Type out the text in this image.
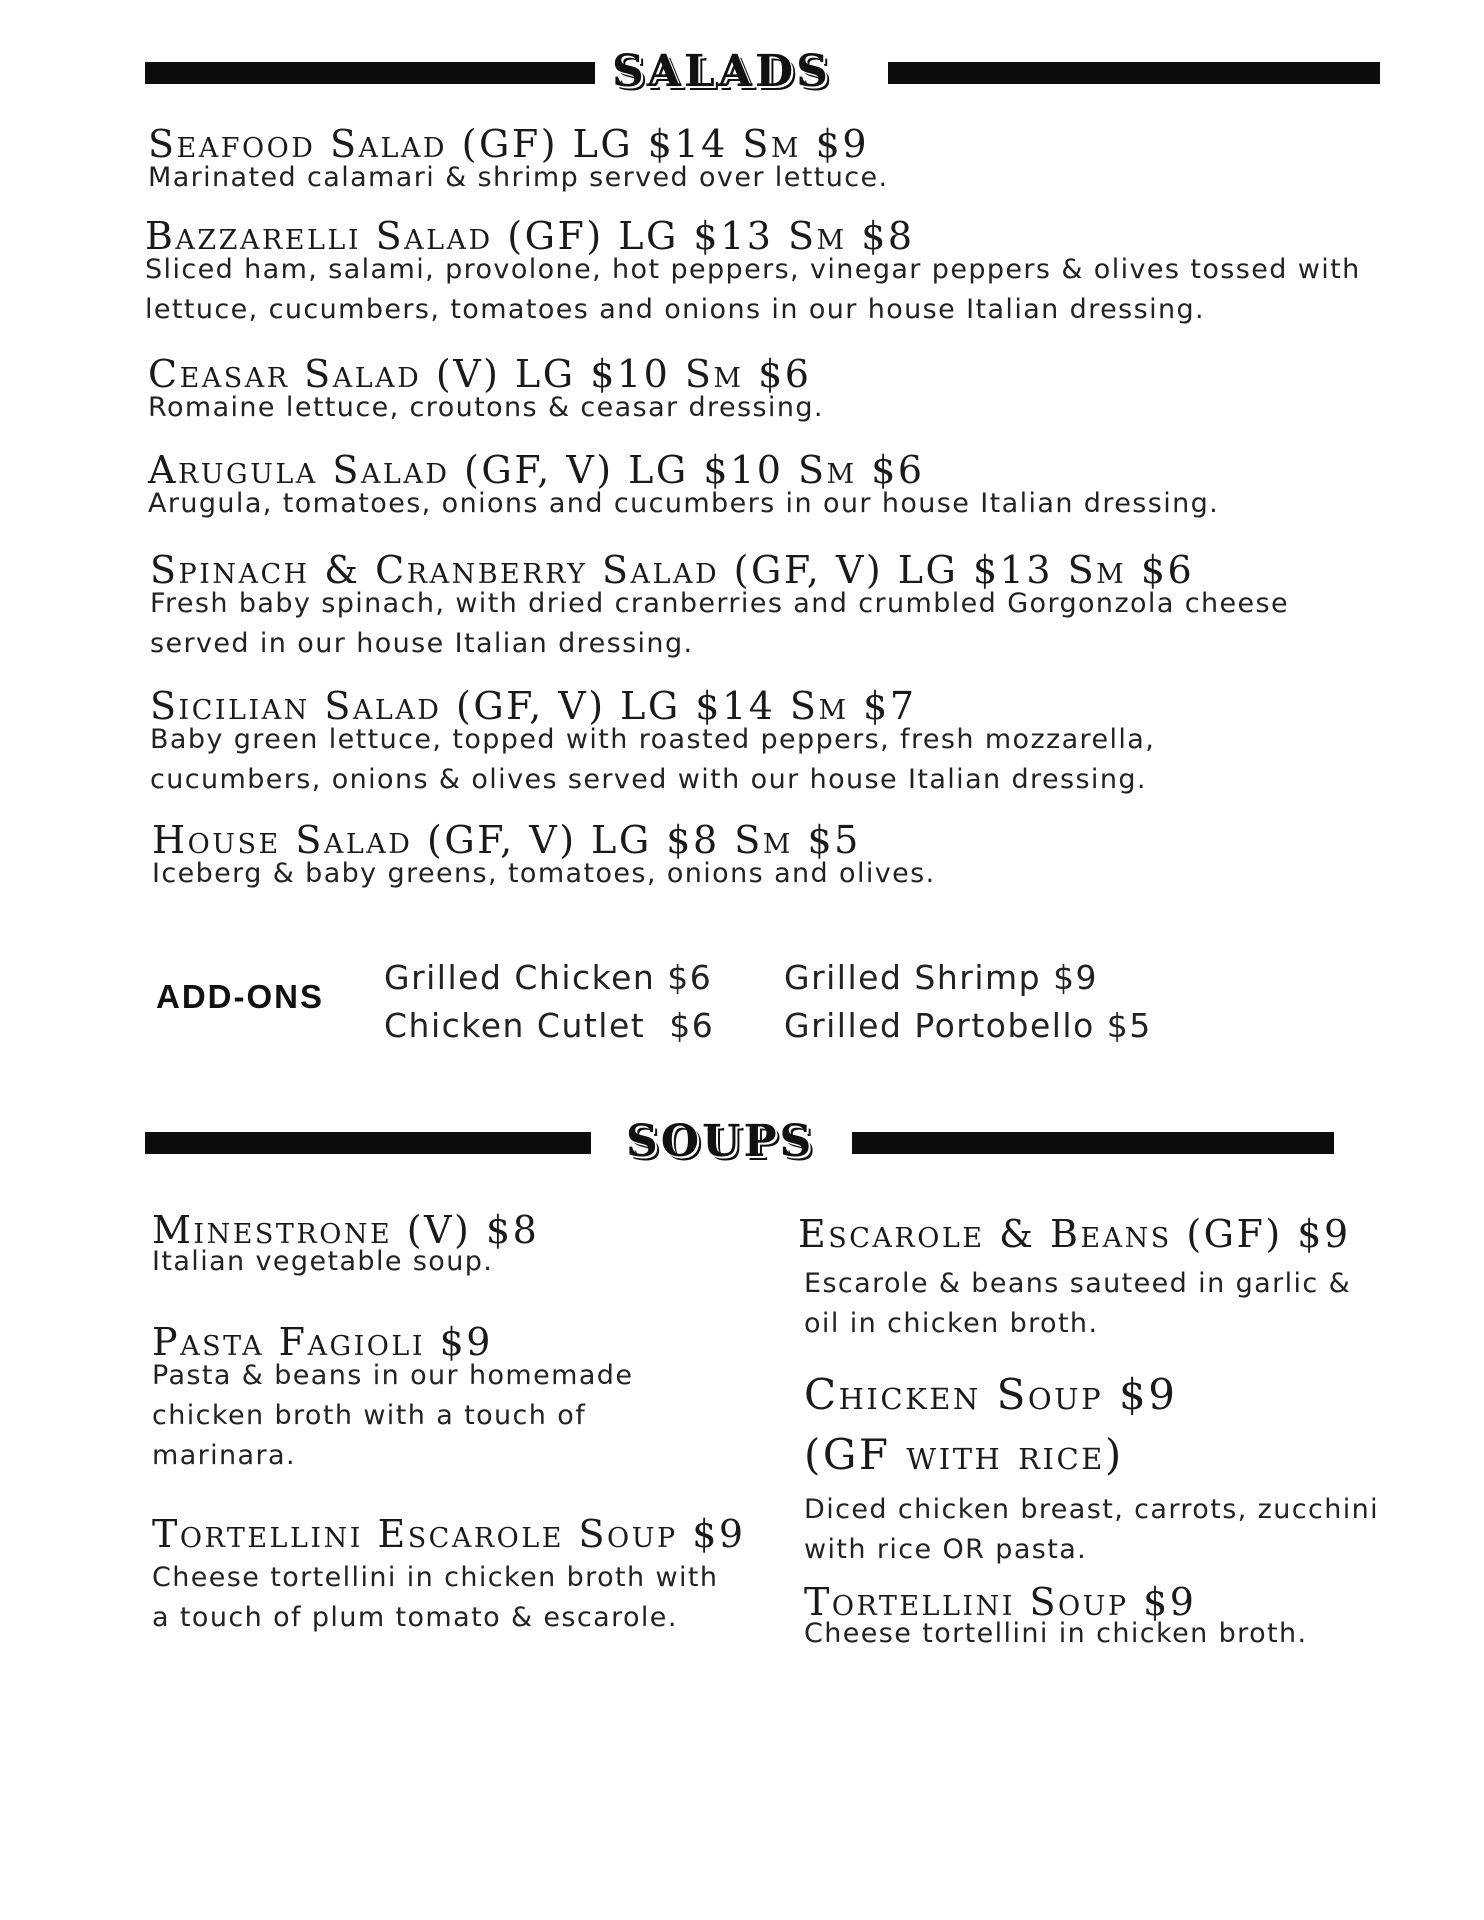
SALADS
Seafood Salad (GF) LG $14 Sm $9
Marinated calamari & shrimp served over lettuce.
Bazzarelli Salad (GF) LG $13 Sm $8
Sliced ham, salami, provolone, hot peppers, vinegar peppers & olives tossed with
lettuce, cucumbers, tomatoes and onions in our house Italian dressing.
Ceasar Salad (V) LG $10 Sm $6
Romaine lettuce, croutons & ceasar dressing.
Arugula Salad (GF, V) LG $10 Sm $6
Arugula, tomatoes, onions and cucumbers in our house Italian dressing.
Spinach & Cranberry Salad (GF, V) LG $13 Sm $6
Fresh baby spinach, with dried cranberries and crumbled Gorgonzola cheese
served in our house Italian dressing.
Sicilian Salad (GF, V) LG $14 Sm $7
Baby green lettuce, topped with roasted peppers, fresh mozzarella,
cucumbers, onions & olives served with our house Italian dressing.
House Salad (GF, V) LG $8 Sm $5
Iceberg & baby greens, tomatoes, onions and olives.
ADD-ONS Grilled Chicken $6
Chicken Cutlet  $6
Grilled Shrimp $9
Grilled Portobello $5
SOUPS
Minestrone (V) $8
Italian vegetable soup.
Pasta Fagioli $9
Pasta & beans in our homemade
chicken broth with a touch of
marinara.
Tortellini Escarole Soup $9
Cheese tortellini in chicken broth with
a touch of plum tomato & escarole.
Escarole & Beans (GF) $9
Escarole & beans sauteed in garlic &
oil in chicken broth.
Chicken Soup $9
(GF with rice)
Diced chicken breast, carrots, zucchini
with rice OR pasta.
Tortellini Soup $9
Cheese tortellini in chicken broth.
